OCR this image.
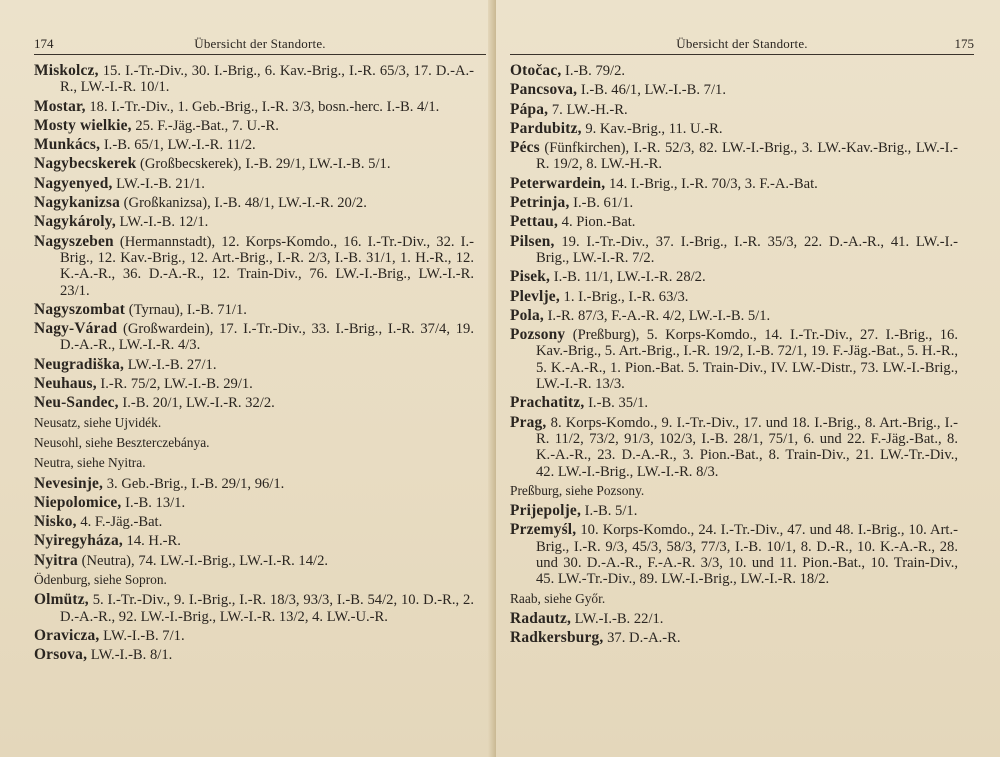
174	Übersicht der Standorte.

Miskolcz, 15. I.-Tr.-Div., 30. I.-Brig., 6. Kav.-Brig., I.-R. 65/3, 17. D.-A.-R., LW.-I.-R. 10/1.

Mostar, 18. I.-Tr.-Div., 1. Geb.-Brig., I.-R. 3/3, bosn.-herc. I.-B. 4/1.

Mosty wielkie, 25. F.-Jäg.-Bat., 7. U.-R.

Munkács, I.-B. 65/1, LW.-I.-R. 11/2.

Nagybecskerek (Großbecskerek), I.-B. 29/1, LW.-I.-B. 5/1.

Nagyenyed, LW.-I.-B. 21/1.

Nagykanizsa (Großkanizsa), I.-B. 48/1, LW.-I.-R. 20/2.

Nagykároly, LW.-I.-B. 12/1.

Nagyszeben (Hermannstadt), 12. Korps-Komdo., 16. I.-Tr.-Div., 32. I.-Brig., 12. Kav.-Brig., 12. Art.-Brig., I.-R. 2/3, I.-B. 31/1, 1. H.-R., 12. K.-A.-R., 36. D.-A.-R., 12. Train-Div., 76. LW.-I.-Brig., LW.-I.-R. 23/1.

Nagyszombat (Tyrnau), I.-B. 71/1.

Nagy-Várad (Großwardein), 17. I.-Tr.-Div., 33. I.-Brig., I.-R. 37/4, 19. D.-A.-R., LW.-I.-R. 4/3.

Neugradiška, LW.-I.-B. 27/1.

Neuhaus, I.-R. 75/2, LW.-I.-B. 29/1.

Neu-Sandec, I.-B. 20/1, LW.-I.-R. 32/2.

Neusatz, siehe Ujvidék.

Neusohl, siehe Beszterczebánya.

Neutra, siehe Nyitra.

Nevesinje, 3. Geb.-Brig., I.-B. 29/1, 96/1.

Niepolomice, I.-B. 13/1.

Nisko, 4. F.-Jäg.-Bat.

Nyiregyháza, 14. H.-R.

Nyitra (Neutra), 74. LW.-I.-Brig., LW.-I.-R. 14/2.

Ödenburg, siehe Sopron.

Olmütz, 5. I.-Tr.-Div., 9. I.-Brig., I.-R. 18/3, 93/3, I.-B. 54/2, 10. D.-R., 2. D.-A.-R., 92. LW.-I.-Brig., LW.-I.-R. 13/2, 4. LW.-U.-R.

Oravicza, LW.-I.-B. 7/1.

Orsova, LW.-I.-B. 8/1.

Übersicht der Standorte.	175

Otočac, I.-B. 79/2.

Pancsova, I.-B. 46/1, LW.-I.-B. 7/1.

Pápa, 7. LW.-H.-R.

Pardubitz, 9. Kav.-Brig., 11. U.-R.

Pécs (Fünfkirchen), I.-R. 52/3, 82. LW.-I.-Brig., 3. LW.-Kav.-Brig., LW.-I.-R. 19/2, 8. LW.-H.-R.

Peterwardein, 14. I.-Brig., I.-R. 70/3, 3. F.-A.-Bat.

Petrinja, I.-B. 61/1.

Pettau, 4. Pion.-Bat.

Pilsen, 19. I.-Tr.-Div., 37. I.-Brig., I.-R. 35/3, 22. D.-A.-R., 41. LW.-I.-Brig., LW.-I.-R. 7/2.

Pisek, I.-B. 11/1, LW.-I.-R. 28/2.

Plevlje, 1. I.-Brig., I.-R. 63/3.

Pola, I.-R. 87/3, F.-A.-R. 4/2, LW.-I.-B. 5/1.

Pozsony (Preßburg), 5. Korps-Komdo., 14. I.-Tr.-Div., 27. I.-Brig., 16. Kav.-Brig., 5. Art.-Brig., I.-R. 19/2, I.-B. 72/1, 19. F.-Jäg.-Bat., 5. H.-R., 5. K.-A.-R., 1. Pion.-Bat. 5. Train-Div., IV. LW.-Distr., 73. LW.-I.-Brig., LW.-I.-R. 13/3.

Prachatitz, I.-B. 35/1.

Prag, 8. Korps-Komdo., 9. I.-Tr.-Div., 17. und 18. I.-Brig., 8. Art.-Brig., I.-R. 11/2, 73/2, 91/3, 102/3, I.-B. 28/1, 75/1, 6. und 22. F.-Jäg.-Bat., 8. K.-A.-R., 23. D.-A.-R., 3. Pion.-Bat., 8. Train-Div., 21. LW.-Tr.-Div., 42. LW.-I.-Brig., LW.-I.-R. 8/3.

Preßburg, siehe Pozsony.

Prijepolje, I.-B. 5/1.

Przemyśl, 10. Korps-Komdo., 24. I.-Tr.-Div., 47. und 48. I.-Brig., 10. Art.-Brig., I.-R. 9/3, 45/3, 58/3, 77/3, I.-B. 10/1, 8. D.-R., 10. K.-A.-R., 28. und 30. D.-A.-R., F.-A.-R. 3/3, 10. und 11. Pion.-Bat., 10. Train-Div., 45. LW.-Tr.-Div., 89. LW.-I.-Brig., LW.-I.-R. 18/2.

Raab, siehe Győr.

Radautz, LW.-I.-B. 22/1.

Radkersburg, 37. D.-A.-R.
